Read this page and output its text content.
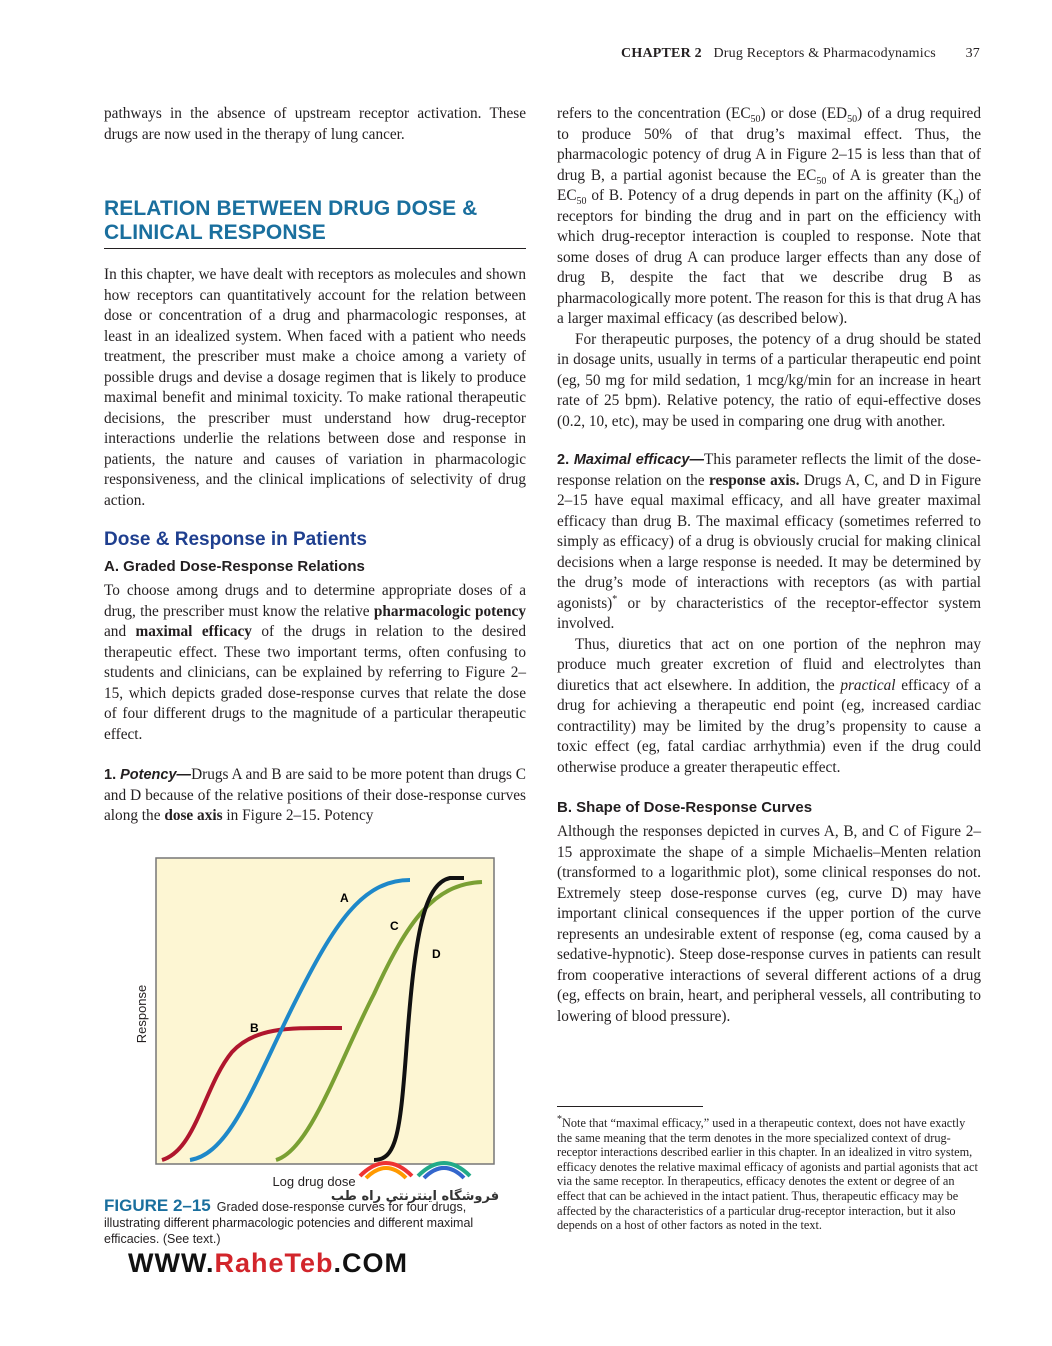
CHAPTER 2 Drug Receptors & Pharmacodynamics 37

pathways in the absence of upstream receptor activation. These drugs are now used in the therapy of lung cancer.

RELATION BETWEEN DRUG DOSE & CLINICAL RESPONSE

In this chapter, we have dealt with receptors as molecules and shown how receptors can quantitatively account for the relation between dose or concentration of a drug and pharmacologic responses, at least in an idealized system. When faced with a patient who needs treatment, the prescriber must make a choice among a variety of possible drugs and devise a dosage regimen that is likely to produce maximal benefit and minimal toxicity. To make rational therapeutic decisions, the prescriber must understand how drug-receptor interactions underlie the relations between dose and response in patients, the nature and causes of variation in pharmacologic responsiveness, and the clinical implications of selectivity of drug action.

Dose & Response in Patients
A. Graded Dose-Response Relations

To choose among drugs and to determine appropriate doses of a drug, the prescriber must know the relative pharmacologic potency and maximal efficacy of the drugs in relation to the desired therapeutic effect. These two important terms, often confusing to students and clinicians, can be explained by referring to Figure 2–15, which depicts graded dose-response curves that relate the dose of four different drugs to the magnitude of a particular therapeutic effect.

1. Potency—Drugs A and B are said to be more potent than drugs C and D because of the relative positions of their dose-response curves along the dose axis in Figure 2–15. Potency

Response
Log drug dose
A
B
C
D
FIGURE 2–15 Graded dose-response curves for four drugs, illustrating different pharmacologic potencies and different maximal efficacies. (See text.)

refers to the concentration $(EC_{50})$ or dose $(ED_{50})$ of a drug required to produce 50% of that drug’s maximal effect. Thus, the pharmacologic potency of drug A in Figure 2–15 is less than that of drug B, a partial agonist because the $EC_{50}$ of A is greater than the $EC_{50}$ of B. Potency of a drug depends in part on the affinity $(K_d)$ of receptors for binding the drug and in part on the efficiency with which drug-receptor interaction is coupled to response. Note that some doses of drug A can produce larger effects than any dose of drug B, despite the fact that we describe drug B as pharmacologically more potent. The reason for this is that drug A has a larger maximal efficacy (as described below).

For therapeutic purposes, the potency of a drug should be stated in dosage units, usually in terms of a particular therapeutic end point (eg, 50 mg for mild sedation, 1 mcg/kg/min for an increase in heart rate of 25 bpm). Relative potency, the ratio of equi-effective doses (0.2, 10, etc), may be used in comparing one drug with another.

2. Maximal efficacy—This parameter reflects the limit of the dose-response relation on the response axis. Drugs A, C, and D in Figure 2–15 have equal maximal efficacy, and all have greater maximal efficacy than drug B. The maximal efficacy (sometimes referred to simply as efficacy) of a drug is obviously crucial for making clinical decisions when a large response is needed. It may be determined by the drug’s mode of interactions with receptors (as with partial agonists)* or by characteristics of the receptor-effector system involved.

Thus, diuretics that act on one portion of the nephron may produce much greater excretion of fluid and electrolytes than diuretics that act elsewhere. In addition, the practical efficacy of a drug for achieving a therapeutic end point (eg, increased cardiac contractility) may be limited by the drug’s propensity to cause a toxic effect (eg, fatal cardiac arrhythmia) even if the drug could otherwise produce a greater therapeutic effect.

B. Shape of Dose-Response Curves

Although the responses depicted in curves A, B, and C of Figure 2–15 approximate the shape of a simple Michaelis–Menten relation (transformed to a logarithmic plot), some clinical responses do not. Extremely steep dose-response curves (eg, curve D) may have important clinical consequences if the upper portion of the curve represents an undesirable extent of response (eg, coma caused by a sedative-hypnotic). Steep dose-response curves in patients can result from cooperative interactions of several different actions of a drug (eg, effects on brain, heart, and peripheral vessels, all contributing to lowering of blood pressure).

*Note that “maximal efficacy,” used in a therapeutic context, does not have exactly the same meaning that the term denotes in the more specialized context of drug-receptor interactions described earlier in this chapter. In an idealized in vitro system, efficacy denotes the relative maximal efficacy of agonists and partial agonists that act via the same receptor. In therapeutics, efficacy denotes the extent or degree of an effect that can be achieved in the intact patient. Thus, therapeutic efficacy may be affected by the characteristics of a particular drug-receptor interaction, but it also depends on a host of other factors as noted in the text.
فروشگاه اینترنتی راه طب
WWW.RaheTeb.COM
